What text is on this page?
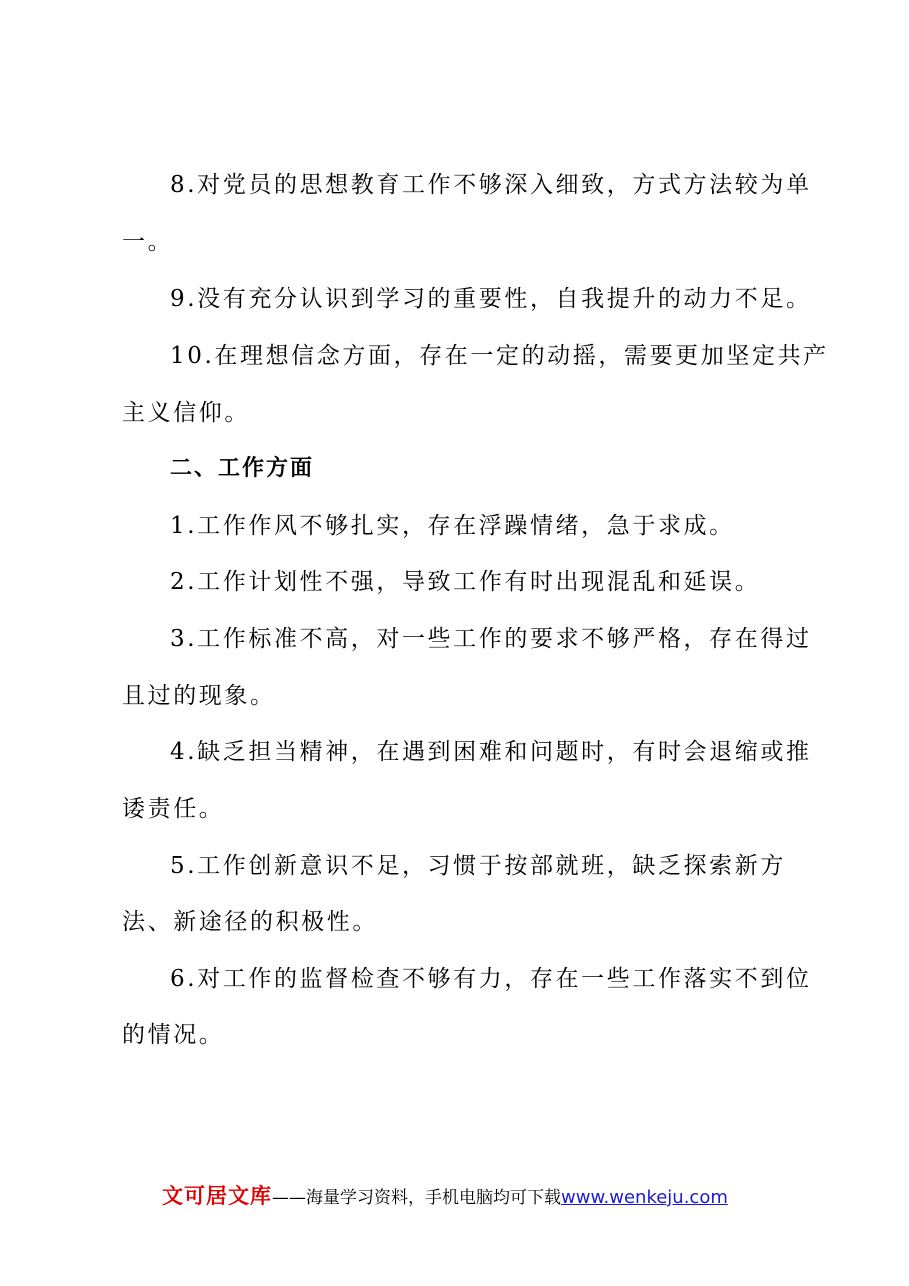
8.对党员的思想教育工作不够深入细致，方式方法较为单
一。
9.没有充分认识到学习的重要性，自我提升的动力不足。
10.在理想信念方面，存在一定的动摇，需要更加坚定共产
主义信仰。
二、工作方面
1.工作作风不够扎实，存在浮躁情绪，急于求成。
2.工作计划性不强，导致工作有时出现混乱和延误。
3.工作标准不高，对一些工作的要求不够严格，存在得过
且过的现象。
4.缺乏担当精神，在遇到困难和问题时，有时会退缩或推
诿责任。
5.工作创新意识不足，习惯于按部就班，缺乏探索新方
法、新途径的积极性。
6.对工作的监督检查不够有力，存在一些工作落实不到位
的情况。
文可居文库——海量学习资料，手机电脑均可下载www.wenkeju.com
